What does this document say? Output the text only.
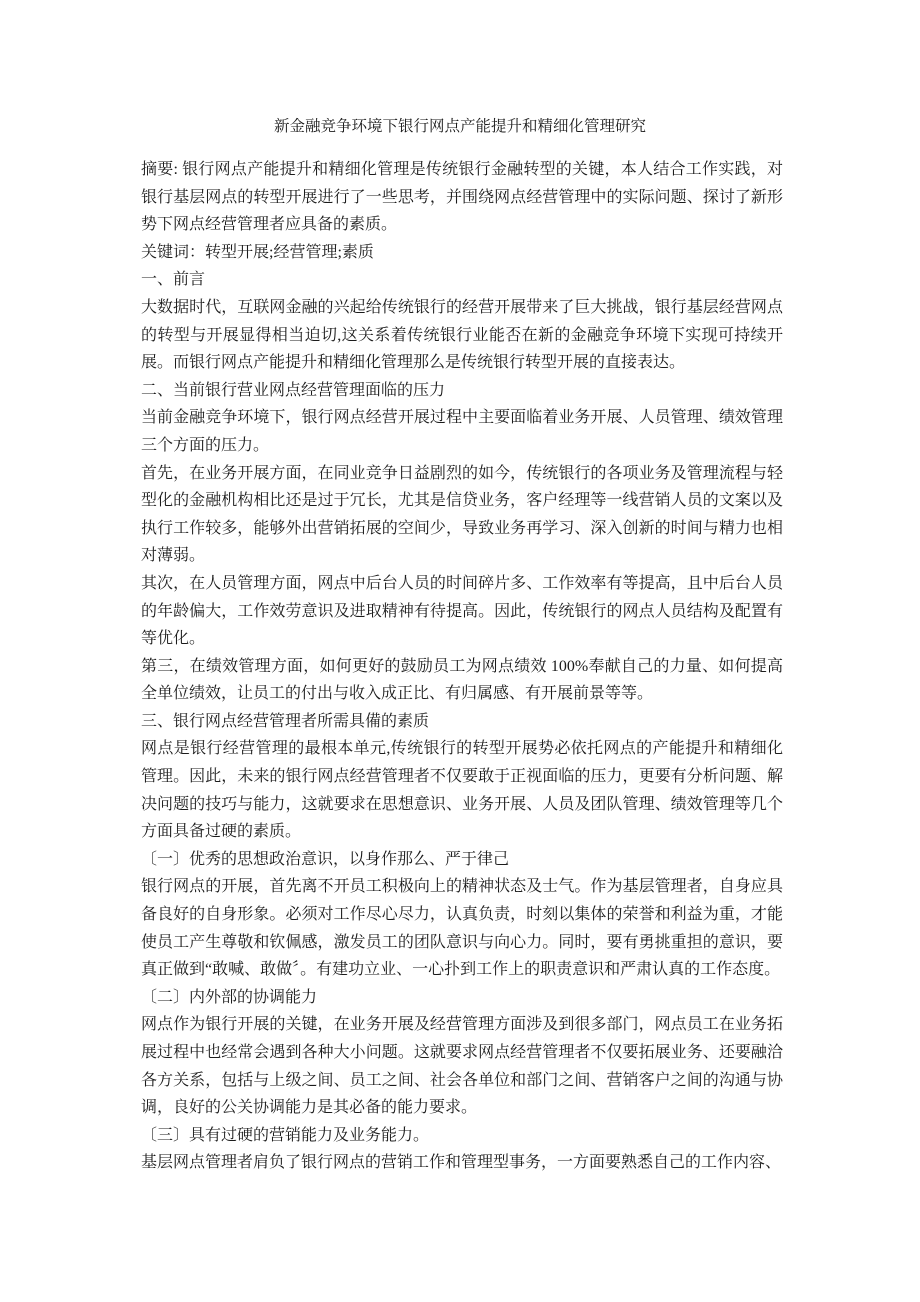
新金融竞争环境下银行网点产能提升和精细化管理研究
摘要: 银行网点产能提升和精细化管理是传统银行金融转型的关键，本人结合工作实践，对
银行基层网点的转型开展进行了一些思考，并围绕网点经营管理中的实际问题、探讨了新形
势下网点经营管理者应具备的素质。
关键词：转型开展;经营管理;素质
一、前言
大数据时代，互联网金融的兴起给传统银行的经营开展带来了巨大挑战，银行基层经营网点
的转型与开展显得相当迫切,这关系着传统银行业能否在新的金融竞争环境下实现可持续开
展。而银行网点产能提升和精细化管理那么是传统银行转型开展的直接表达。
二、当前银行营业网点经营管理面临的压力
当前金融竞争环境下，银行网点经营开展过程中主要面临着业务开展、人员管理、绩效管理
三个方面的压力。
首先，在业务开展方面，在同业竞争日益剧烈的如今，传统银行的各项业务及管理流程与轻
型化的金融机构相比还是过于冗长，尤其是信贷业务，客户经理等一线营销人员的文案以及
执行工作较多，能够外出营销拓展的空间少，导致业务再学习、深入创新的时间与精力也相
对薄弱。
其次，在人员管理方面，网点中后台人员的时间碎片多、工作效率有等提高，且中后台人员
的年龄偏大，工作效劳意识及进取精神有待提高。因此，传统银行的网点人员结构及配置有
等优化。
第三，在绩效管理方面，如何更好的鼓励员工为网点绩效 100%奉献自己的力量、如何提高
全单位绩效，让员工的付出与收入成正比、有归属感、有开展前景等等。
三、银行网点经营管理者所需具備的素质
网点是银行经营管理的最根本单元,传统银行的转型开展势必依托网点的产能提升和精细化
管理。因此，未来的银行网点经营管理者不仅要敢于正视面临的压力，更要有分析问题、解
决问题的技巧与能力，这就要求在思想意识、业务开展、人员及团队管理、绩效管理等几个
方面具备过硬的素质。
〔一〕优秀的思想政治意识，以身作那么、严于律己
银行网点的开展，首先离不开员工积极向上的精神状态及士气。作为基层管理者，自身应具
备良好的自身形象。必须对工作尽心尽力，认真负责，时刻以集体的荣誉和利益为重，才能
使员工产生尊敬和钦佩感，激发员工的团队意识与向心力。同时，要有勇挑重担的意识，要
真正做到“敢喊、敢做〞。有建功立业、一心扑到工作上的职责意识和严肃认真的工作态度。
〔二〕内外部的协调能力
网点作为银行开展的关键，在业务开展及经营管理方面涉及到很多部门，网点员工在业务拓
展过程中也经常会遇到各种大小问题。这就要求网点经营管理者不仅要拓展业务、还要融洽
各方关系，包括与上级之间、员工之间、社会各单位和部门之间、营销客户之间的沟通与协
调，良好的公关协调能力是其必备的能力要求。
〔三〕具有过硬的营销能力及业务能力。
基层网点管理者肩负了银行网点的营销工作和管理型事务，一方面要熟悉自己的工作内容、
